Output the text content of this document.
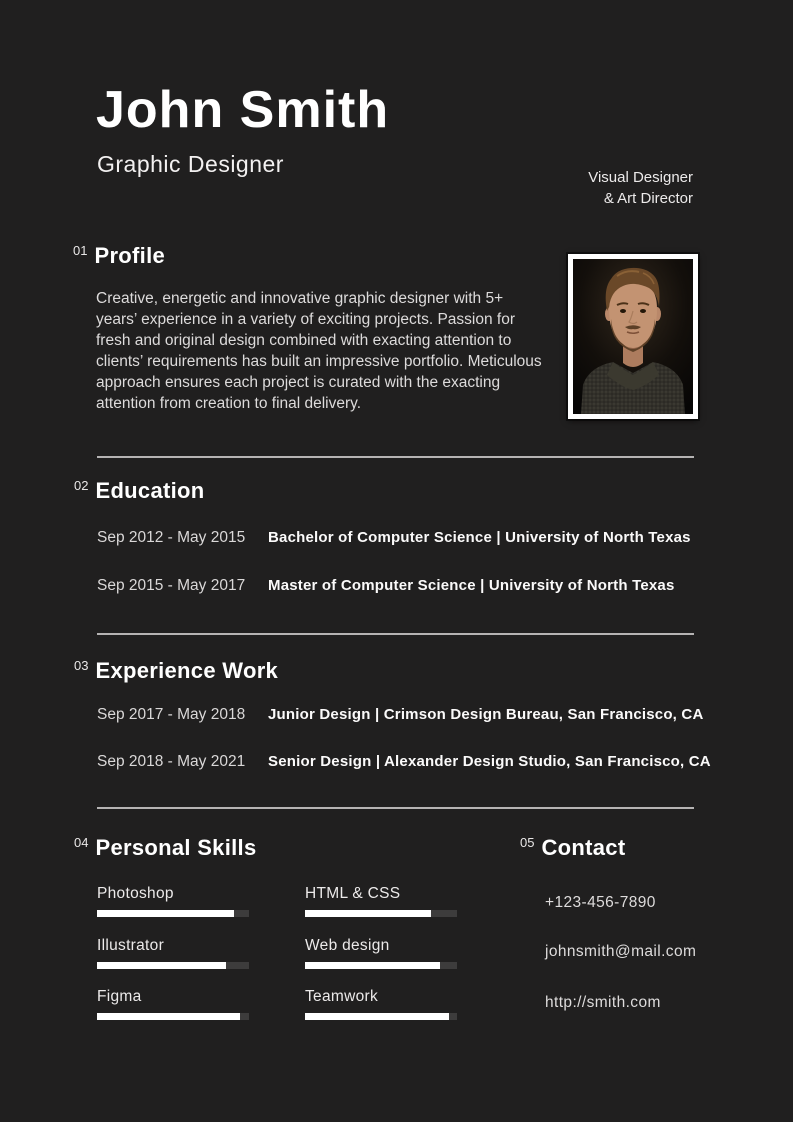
John Smith
Graphic Designer
Visual Designer
& Art Director
$^{01}$ Profile
Creative, energetic and innovative graphic designer with 5+ years’ experience in a variety of exciting projects. Passion for fresh and original design combined with exacting attention to clients’ requirements has built an impressive portfolio. Meticulous approach ensures each project is curated with the exacting attention from creation to final delivery.
$^{02}$ Education
Sep 2012 - May 2015	Bachelor of Computer Science | University of North Texas
Sep 2015 - May 2017	Master of Computer Science | University of North Texas
$^{03}$ Experience Work
Sep 2017 - May 2018	Junior Design | Crimson Design Bureau, San Francisco, CA
Sep 2018 - May 2021	Senior Design | Alexander Design Studio, San Francisco, CA
$^{04}$ Personal Skills
Photoshop
Illustrator
Figma
HTML & CSS
Web design
Teamwork
$^{05}$ Contact
+123-456-7890
johnsmith@mail.com
http://smith.com
